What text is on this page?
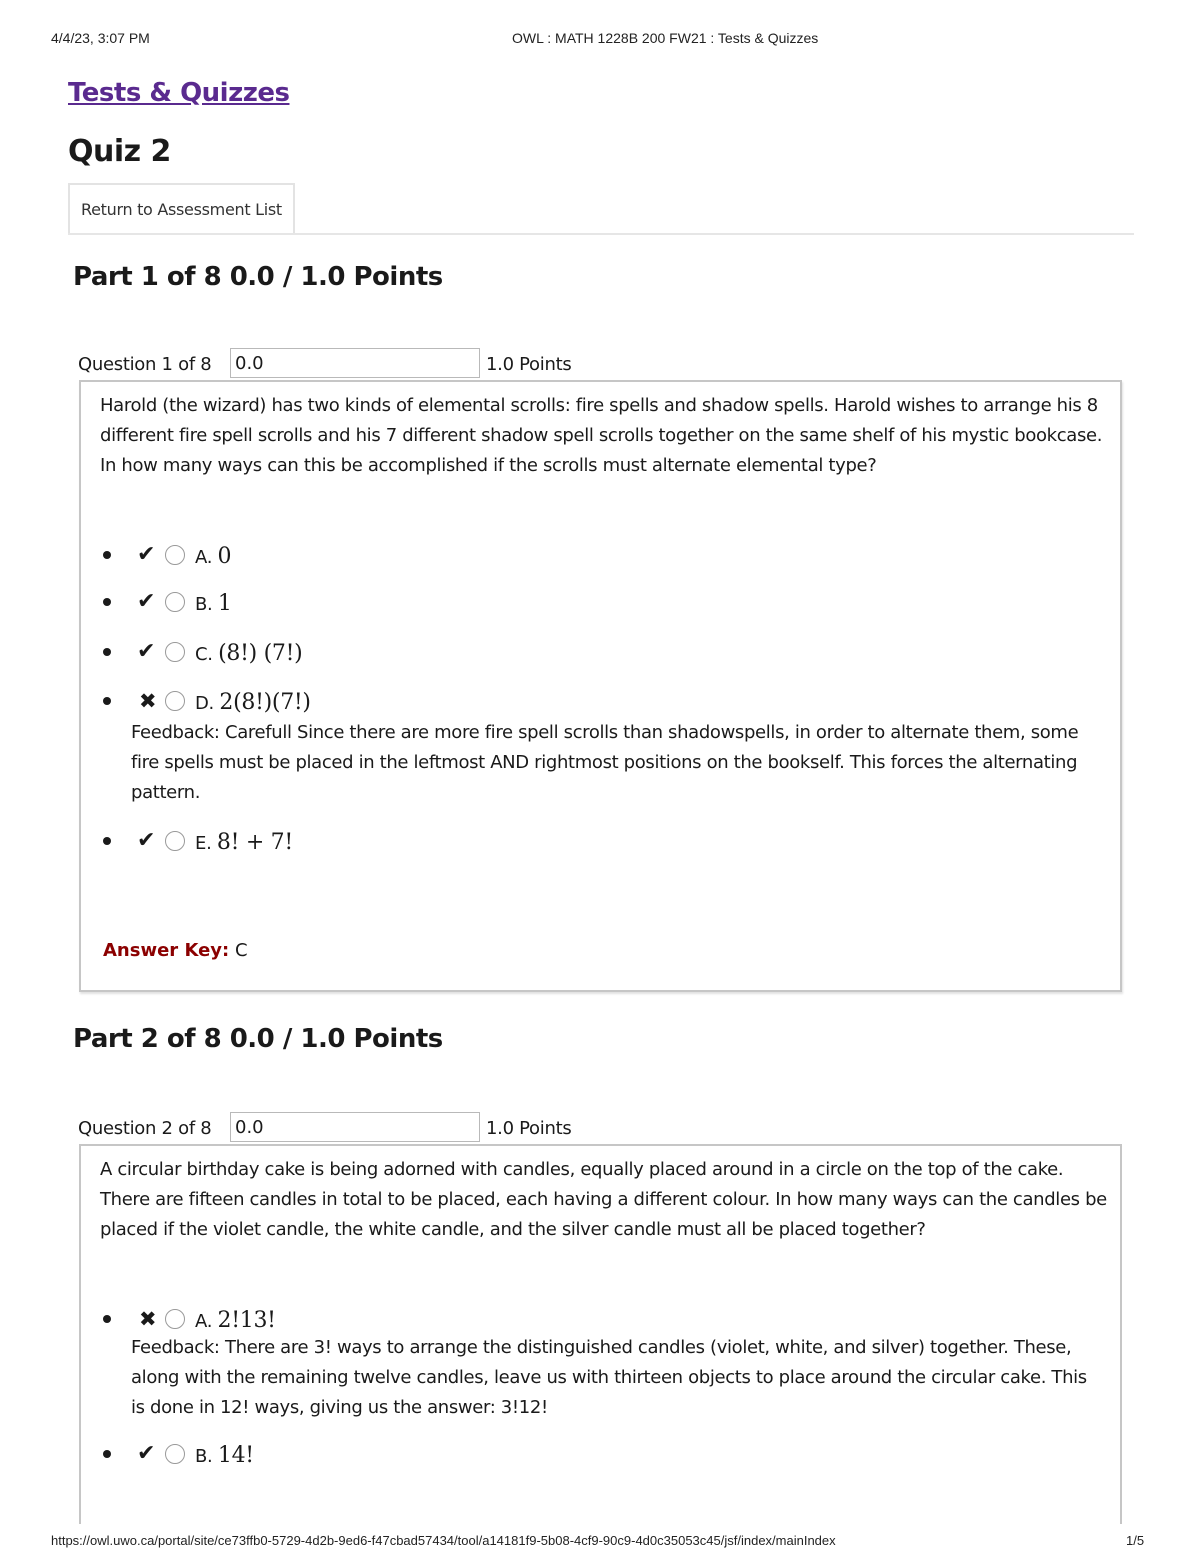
4/4/23, 3:07 PM	OWL : MATH 1228B 200 FW21 : Tests & Quizzes
Tests & Quizzes
Quiz 2
Return to Assessment List
Part 1 of 8 0.0 / 1.0 Points
Question 1 of 8
0.0	1.0 Points
Harold (the wizard) has two kinds of elemental scrolls: fire spells and shadow spells. Harold wishes to arrange his 8 different fire spell scrolls and his 7 different shadow spell scrolls together on the same shelf of his mystic bookcase. In how many ways can this be accomplished if the scrolls must alternate elemental type?
✔ A. 0
✔ B. 1
✔ C. (8!) (7!)
✖ D. 2(8!)(7!)
Feedback: Carefull Since there are more fire spell scrolls than shadowspells, in order to alternate them, some fire spells must be placed in the leftmost AND rightmost positions on the bookself. This forces the alternating pattern.
✔ E. 8! + 7!
Answer Key: C
Part 2 of 8 0.0 / 1.0 Points
Question 2 of 8
0.0	1.0 Points
A circular birthday cake is being adorned with candles, equally placed around in a circle on the top of the cake. There are fifteen candles in total to be placed, each having a different colour. In how many ways can the candles be placed if the violet candle, the white candle, and the silver candle must all be placed together?
✖ A. 2!13!
Feedback: There are 3! ways to arrange the distinguished candles (violet, white, and silver) together. These, along with the remaining twelve candles, leave us with thirteen objects to place around the circular cake. This is done in 12! ways, giving us the answer: 3!12!
✔ B. 14!
https://owl.uwo.ca/portal/site/ce73ffb0-5729-4d2b-9ed6-f47cbad57434/tool/a14181f9-5b08-4cf9-90c9-4d0c35053c45/jsf/index/mainIndex	1/5
